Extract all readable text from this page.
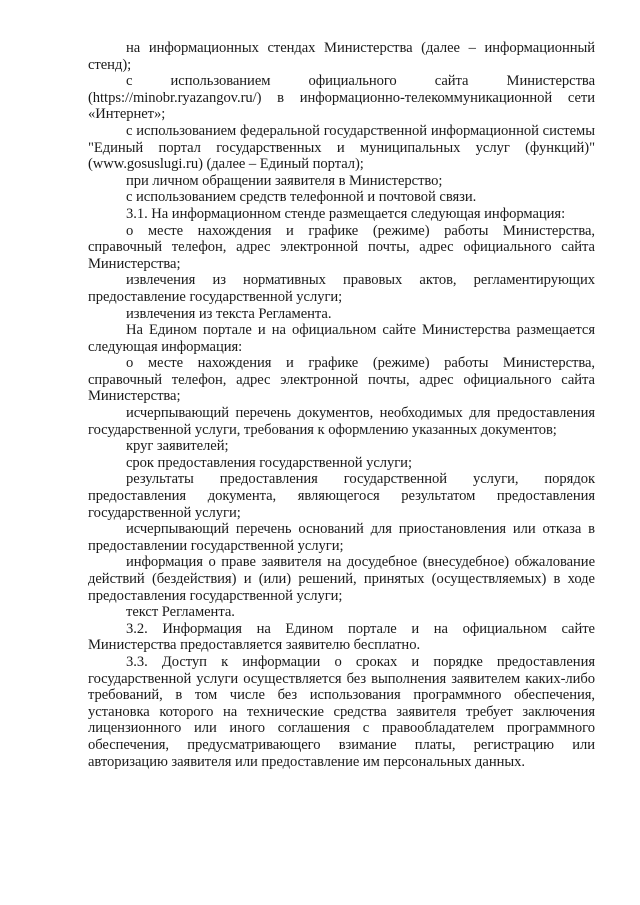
на информационных стендах Министерства (далее – информационный стенд);

с использованием официального сайта Министерства (https://minobr.ryazangov.ru/) в информационно-телекоммуникационной сети «Интернет»;

с использованием федеральной государственной информационной системы "Единый портал государственных и муниципальных услуг (функций)" (www.gosuslugi.ru) (далее – Единый портал);

при личном обращении заявителя в Министерство;

с использованием средств телефонной и почтовой связи.

3.1. На информационном стенде размещается следующая информация:

о месте нахождения и графике (режиме) работы Министерства, справочный телефон, адрес электронной почты, адрес официального сайта Министерства;

извлечения из нормативных правовых актов, регламентирующих предоставление государственной услуги;

извлечения из текста Регламента.

На Едином портале и на официальном сайте Министерства размещается следующая информация:

о месте нахождения и графике (режиме) работы Министерства, справочный телефон, адрес электронной почты, адрес официального сайта Министерства;

исчерпывающий перечень документов, необходимых для предоставления государственной услуги, требования к оформлению указанных документов;

круг заявителей;

срок предоставления государственной услуги;

результаты предоставления государственной услуги, порядок предоставления документа, являющегося результатом предоставления государственной услуги;

исчерпывающий перечень оснований для приостановления или отказа в предоставлении государственной услуги;

информация о праве заявителя на досудебное (внесудебное) обжалование действий (бездействия) и (или) решений, принятых (осуществляемых) в ходе предоставления государственной услуги;

текст Регламента.

3.2. Информация на Едином портале и на официальном сайте Министерства предоставляется заявителю бесплатно.

3.3. Доступ к информации о сроках и порядке предоставления государственной услуги осуществляется без выполнения заявителем каких-либо требований, в том числе без использования программного обеспечения, установка которого на технические средства заявителя требует заключения лицензионного или иного соглашения с правообладателем программного обеспечения, предусматривающего взимание платы, регистрацию или авторизацию заявителя или предоставление им персональных данных.
